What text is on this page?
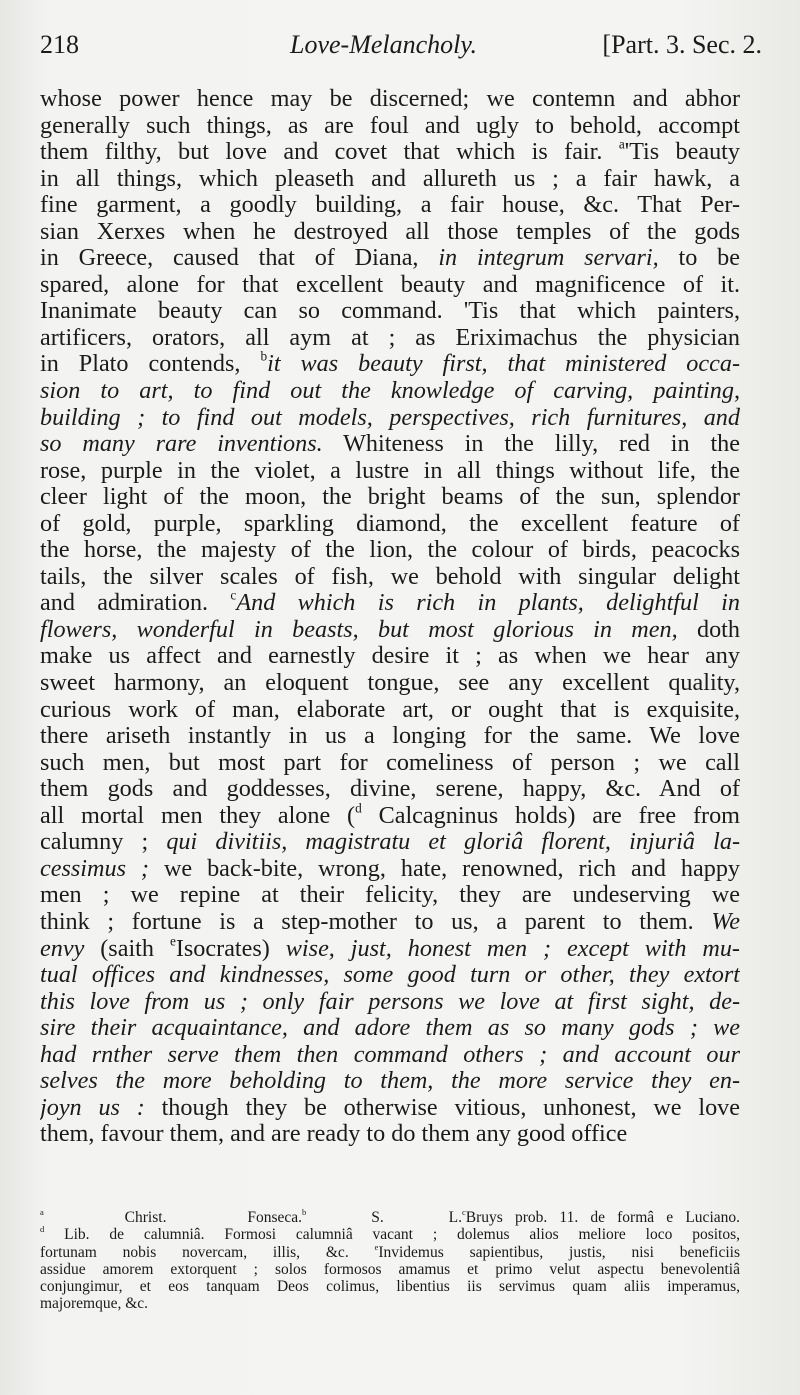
218	Love-Melancholy.	[Part. 3. Sec. 2.
whose power hence may be discerned; we contemn and abhor
generally such things, as are foul and ugly to behold, accompt
them filthy, but love and covet that which is fair. $^a$'Tis beauty
in all things, which pleaseth and allureth us ; a fair hawk, a
fine garment, a goodly building, a fair house, &c. That Per-
sian Xerxes when he destroyed all those temples of the gods
in Greece, caused that of Diana, in integrum servari, to be
spared, alone for that excellent beauty and magnificence of it.
Inanimate beauty can so command. 'Tis that which painters,
artificers, orators, all aym at ; as Eriximachus the physician
in Plato contends, $^b$it was beauty first, that ministered occa-
sion to art, to find out the knowledge of carving, painting,
building ; to find out models, perspectives, rich furnitures, and
so many rare inventions. Whiteness in the lilly, red in the
rose, purple in the violet, a lustre in all things without life, the
cleer light of the moon, the bright beams of the sun, splendor
of gold, purple, sparkling diamond, the excellent feature of
the horse, the majesty of the lion, the colour of birds, peacocks
tails, the silver scales of fish, we behold with singular delight
and admiration. $^c$And which is rich in plants, delightful in
flowers, wonderful in beasts, but most glorious in men, doth
make us affect and earnestly desire it ; as when we hear any
sweet harmony, an eloquent tongue, see any excellent quality,
curious work of man, elaborate art, or ought that is exquisite,
there ariseth instantly in us a longing for the same. We love
such men, but most part for comeliness of person ; we call
them gods and goddesses, divine, serene, happy, &c. And of
all mortal men they alone ($^d$ Calcagninus holds) are free from
calumny ; qui divitiis, magistratu et gloriâ florent, injuriâ la-
cessimus ; we back-bite, wrong, hate, renowned, rich and happy
men ; we repine at their felicity, they are undeserving we
think ; fortune is a step-mother to us, a parent to them. We
envy (saith $^e$Isocrates) wise, just, honest men ; except with mu-
tual offices and kindnesses, some good turn or other, they extort
this love from us ; only fair persons we love at first sight, de-
sire their acquaintance, and adore them as so many gods ; we
had rnther serve them then command others ; and account our
selves the more beholding to them, the more service they en-
joyn us : though they be otherwise vitious, unhonest, we love
them, favour them, and are ready to do them any good office
$^a$	Christ. Fonseca.$^b$	S. L.$^c$Bruys prob. 11. de formâ e Luciano.
$^d$ Lib. de calumniâ. Formosi calumniâ vacant ; dolemus alios meliore loco positos,
fortunam nobis novercam, illis, &c. $^e$Invidemus sapientibus, justis, nisi beneficiis
assidue amorem extorquent ; solos formosos amamus et primo velut aspectu benevolentiâ
conjungimur, et eos tanquam Deos colimus, libentius iis servimus quam aliis imperamus,
majoremque, &c.
